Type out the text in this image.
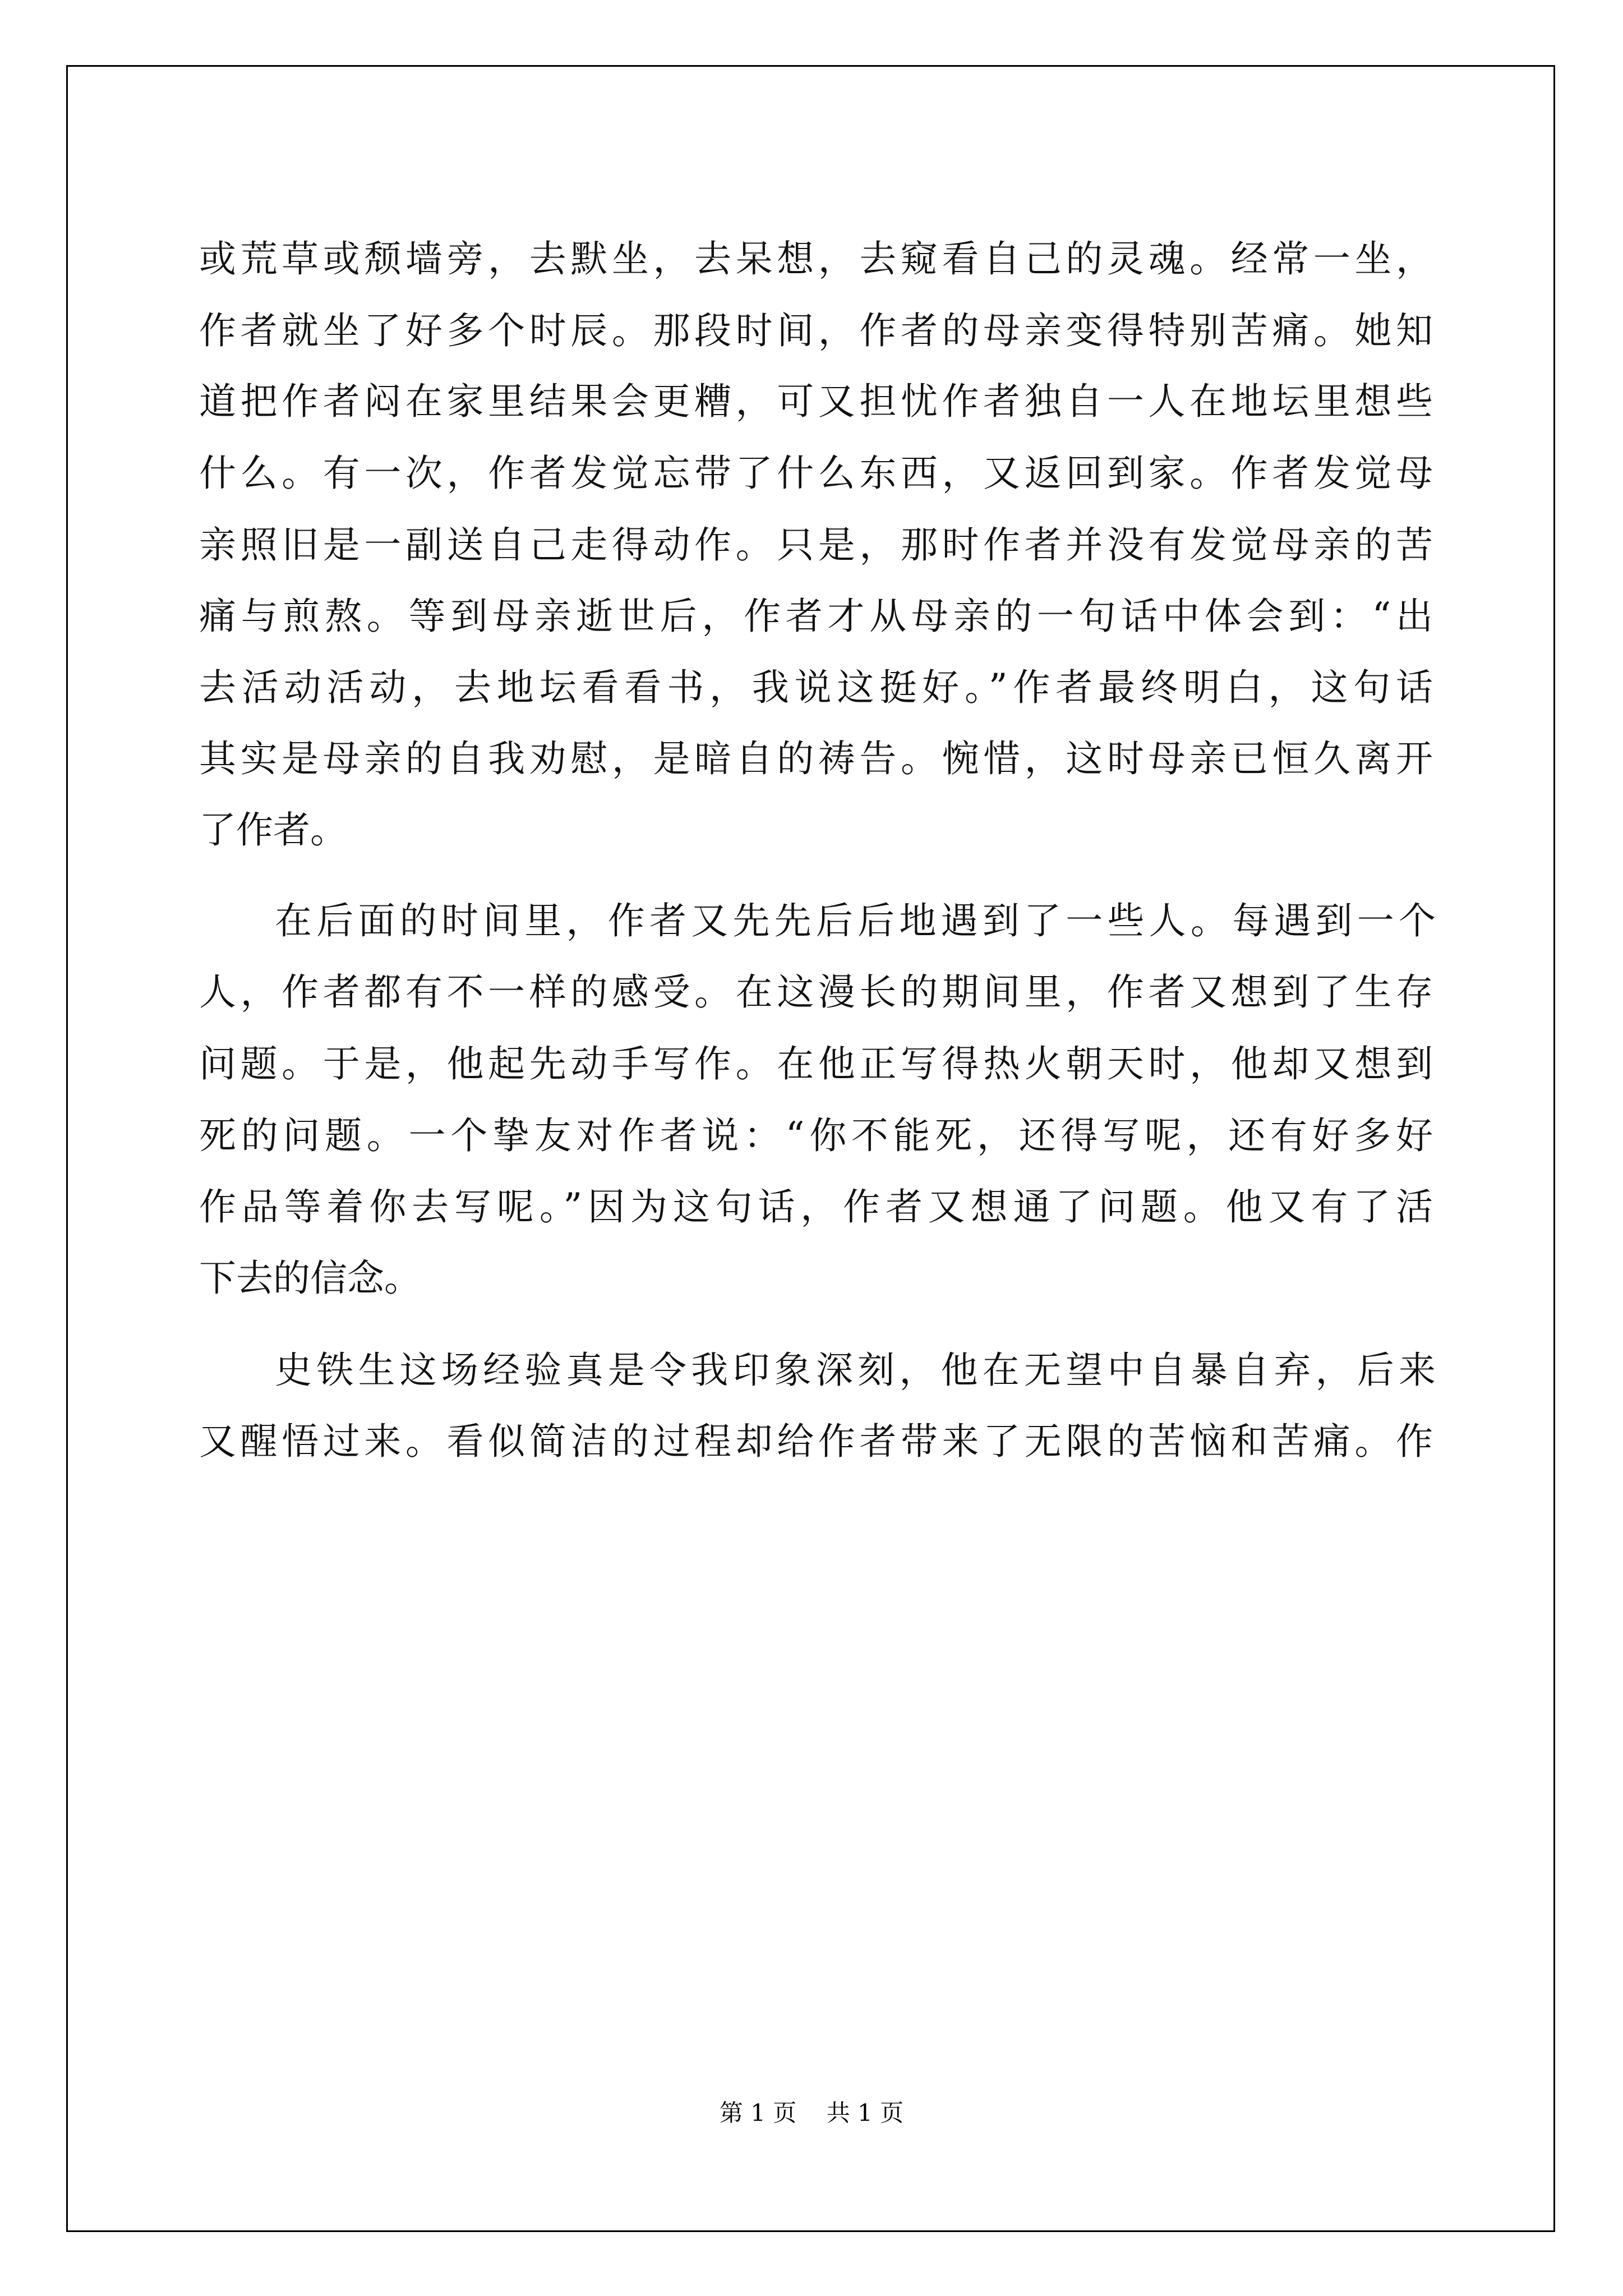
或荒草或颓墙旁，去默坐，去呆想，去窥看自己的灵魂。经常一坐，

作者就坐了好多个时辰。那段时间，作者的母亲变得特别苦痛。她知

道把作者闷在家里结果会更糟，可又担忧作者独自一人在地坛里想些

什么。有一次，作者发觉忘带了什么东西，又返回到家。作者发觉母

亲照旧是一副送自己走得动作。只是，那时作者并没有发觉母亲的苦

痛与煎熬。等到母亲逝世后，作者才从母亲的一句话中体会到：“出

去活动活动，去地坛看看书，我说这挺好。”作者最终明白，这句话

其实是母亲的自我劝慰，是暗自的祷告。惋惜，这时母亲已恒久离开

了作者。

在后面的时间里，作者又先先后后地遇到了一些人。每遇到一个

人，作者都有不一样的感受。在这漫长的期间里，作者又想到了生存

问题。于是，他起先动手写作。在他正写得热火朝天时，他却又想到

死的问题。一个挚友对作者说：“你不能死，还得写呢，还有好多好

作品等着你去写呢。”因为这句话，作者又想通了问题。他又有了活

下去的信念。

史铁生这场经验真是令我印象深刻，他在无望中自暴自弃，后来

又醒悟过来。看似简洁的过程却给作者带来了无限的苦恼和苦痛。作

第 1 页    共 1 页
